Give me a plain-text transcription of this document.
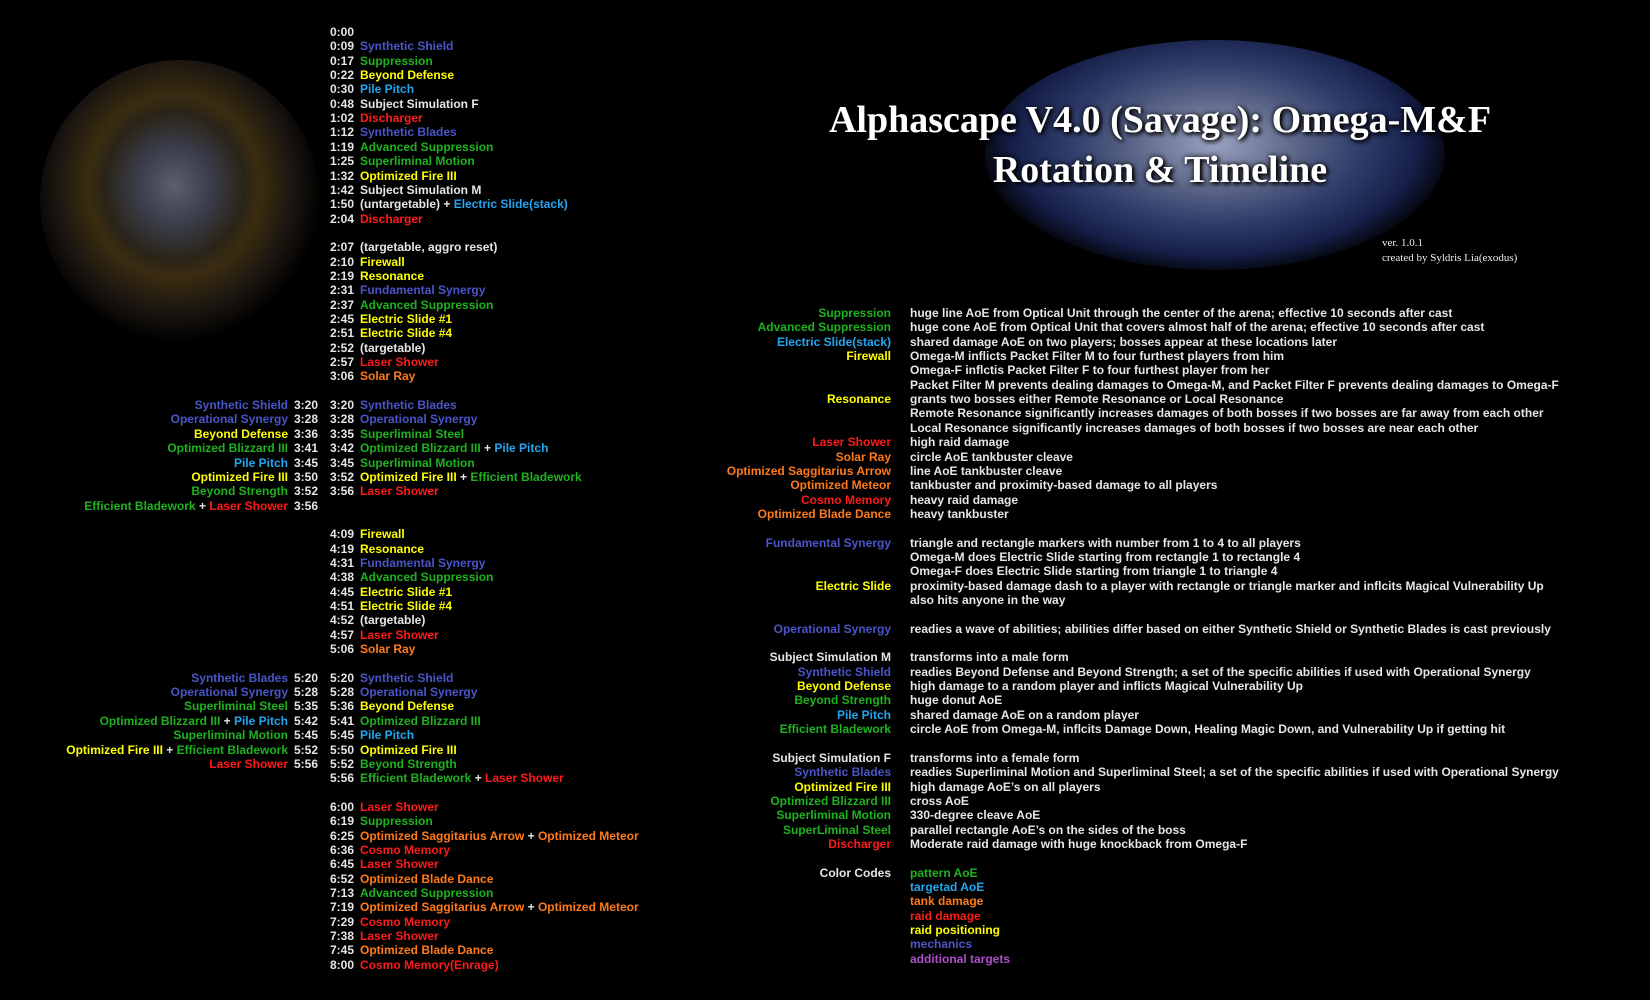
Alphascape V4.0 (Savage): Omega-M&F
Rotation & Timeline
ver. 1.0.1
created by Syldris Lia(exodus)
0:00
0:09 Synthetic Shield
0:17 Suppression
0:22 Beyond Defense
0:30 Pile Pitch
0:48 Subject Simulation F
1:02 Discharger
1:12 Synthetic Blades
1:19 Advanced Suppression
1:25 Superliminal Motion
1:32 Optimized Fire III
1:42 Subject Simulation M
1:50 (untargetable) + Electric Slide(stack)
2:04 Discharger
2:07 (targetable, aggro reset)
2:10 Firewall
2:19 Resonance
2:31 Fundamental Synergy
2:37 Advanced Suppression
2:45 Electric Slide #1
2:51 Electric Slide #4
2:52 (targetable)
2:57 Laser Shower
3:06 Solar Ray
3:20 Synthetic Blades
3:28 Operational Synergy
3:35 Superliminal Steel
3:42 Optimized Blizzard III + Pile Pitch
3:45 Superliminal Motion
3:52 Optimized Fire III + Efficient Bladework
3:56 Laser Shower
4:09 Firewall
4:19 Resonance
4:31 Fundamental Synergy
4:38 Advanced Suppression
4:45 Electric Slide #1
4:51 Electric Slide #4
4:52 (targetable)
4:57 Laser Shower
5:06 Solar Ray
5:20 Synthetic Shield
5:28 Operational Synergy
5:36 Beyond Defense
5:41 Optimized Blizzard III
5:45 Pile Pitch
5:50 Optimized Fire III
5:52 Beyond Strength
5:56 Efficient Bladework + Laser Shower
6:00 Laser Shower
6:19 Suppression
6:25 Optimized Saggitarius Arrow + Optimized Meteor
6:36 Cosmo Memory
6:45 Laser Shower
6:52 Optimized Blade Dance
7:13 Advanced Suppression
7:19 Optimized Saggitarius Arrow + Optimized Meteor
7:29 Cosmo Memory
7:38 Laser Shower
7:45 Optimized Blade Dance
8:00 Cosmo Memory(Enrage)
Synthetic Shield 3:20
Operational Synergy 3:28
Beyond Defense 3:36
Optimized Blizzard III 3:41
Pile Pitch 3:45
Optimized Fire III 3:50
Beyond Strength 3:52
Efficient Bladework + Laser Shower 3:56
Synthetic Blades 5:20
Operational Synergy 5:28
Superliminal Steel 5:35
Optimized Blizzard III + Pile Pitch 5:42
Superliminal Motion 5:45
Optimized Fire III + Efficient Bladework 5:52
Laser Shower 5:56
Suppression huge line AoE from Optical Unit through the center of the arena; effective 10 seconds after cast
Advanced Suppression huge cone AoE from Optical Unit that covers almost half of the arena; effective 10 seconds after cast
Electric Slide(stack) shared damage AoE on two players; bosses appear at these locations later
Firewall Omega-M inflicts Packet Filter M to four furthest players from him
Omega-F inflctis Packet Filter F to four furthest player from her
Packet Filter M prevents dealing damages to Omega-M, and Packet Filter F prevents dealing damages to Omega-F
Resonance grants two bosses either Remote Resonance or Local Resonance
Remote Resonance significantly increases damages of both bosses if two bosses are far away from each other
Local Resonance significantly increases damages of both bosses if two bosses are near each other
Laser Shower high raid damage
Solar Ray circle AoE tankbuster cleave
Optimized Saggitarius Arrow line AoE tankbuster cleave
Optimized Meteor tankbuster and proximity-based damage to all players
Cosmo Memory heavy raid damage
Optimized Blade Dance heavy tankbuster
Fundamental Synergy triangle and rectangle markers with number from 1 to 4 to all players
Omega-M does Electric Slide starting from rectangle 1 to rectangle 4
Omega-F does Electric Slide starting from triangle 1 to triangle 4
Electric Slide proximity-based damage dash to a player with rectangle or triangle marker and inflcits Magical Vulnerability Up
also hits anyone in the way
Operational Synergy readies a wave of abilities; abilities differ based on either Synthetic Shield or Synthetic Blades is cast previously
Subject Simulation M transforms into a male form
Synthetic Shield readies Beyond Defense and Beyond Strength; a set of the specific abilities if used with Operational Synergy
Beyond Defense high damage to a random player and inflicts Magical Vulnerability Up
Beyond Strength huge donut AoE
Pile Pitch shared damage AoE on a random player
Efficient Bladework circle AoE from Omega-M, inflcits Damage Down, Healing Magic Down, and Vulnerability Up if getting hit
Subject Simulation F transforms into a female form
Synthetic Blades readies Superliminal Motion and Superliminal Steel; a set of the specific abilities if used with Operational Synergy
Optimized Fire III high damage AoE’s on all players
Optimized Blizzard III cross AoE
Superliminal Motion 330-degree cleave AoE
SuperLiminal Steel parallel rectangle AoE’s on the sides of the boss
Discharger Moderate raid damage with huge knockback from Omega-F
Color Codes pattern AoE
targetad AoE
tank damage
raid damage
raid positioning
mechanics
additional targets
